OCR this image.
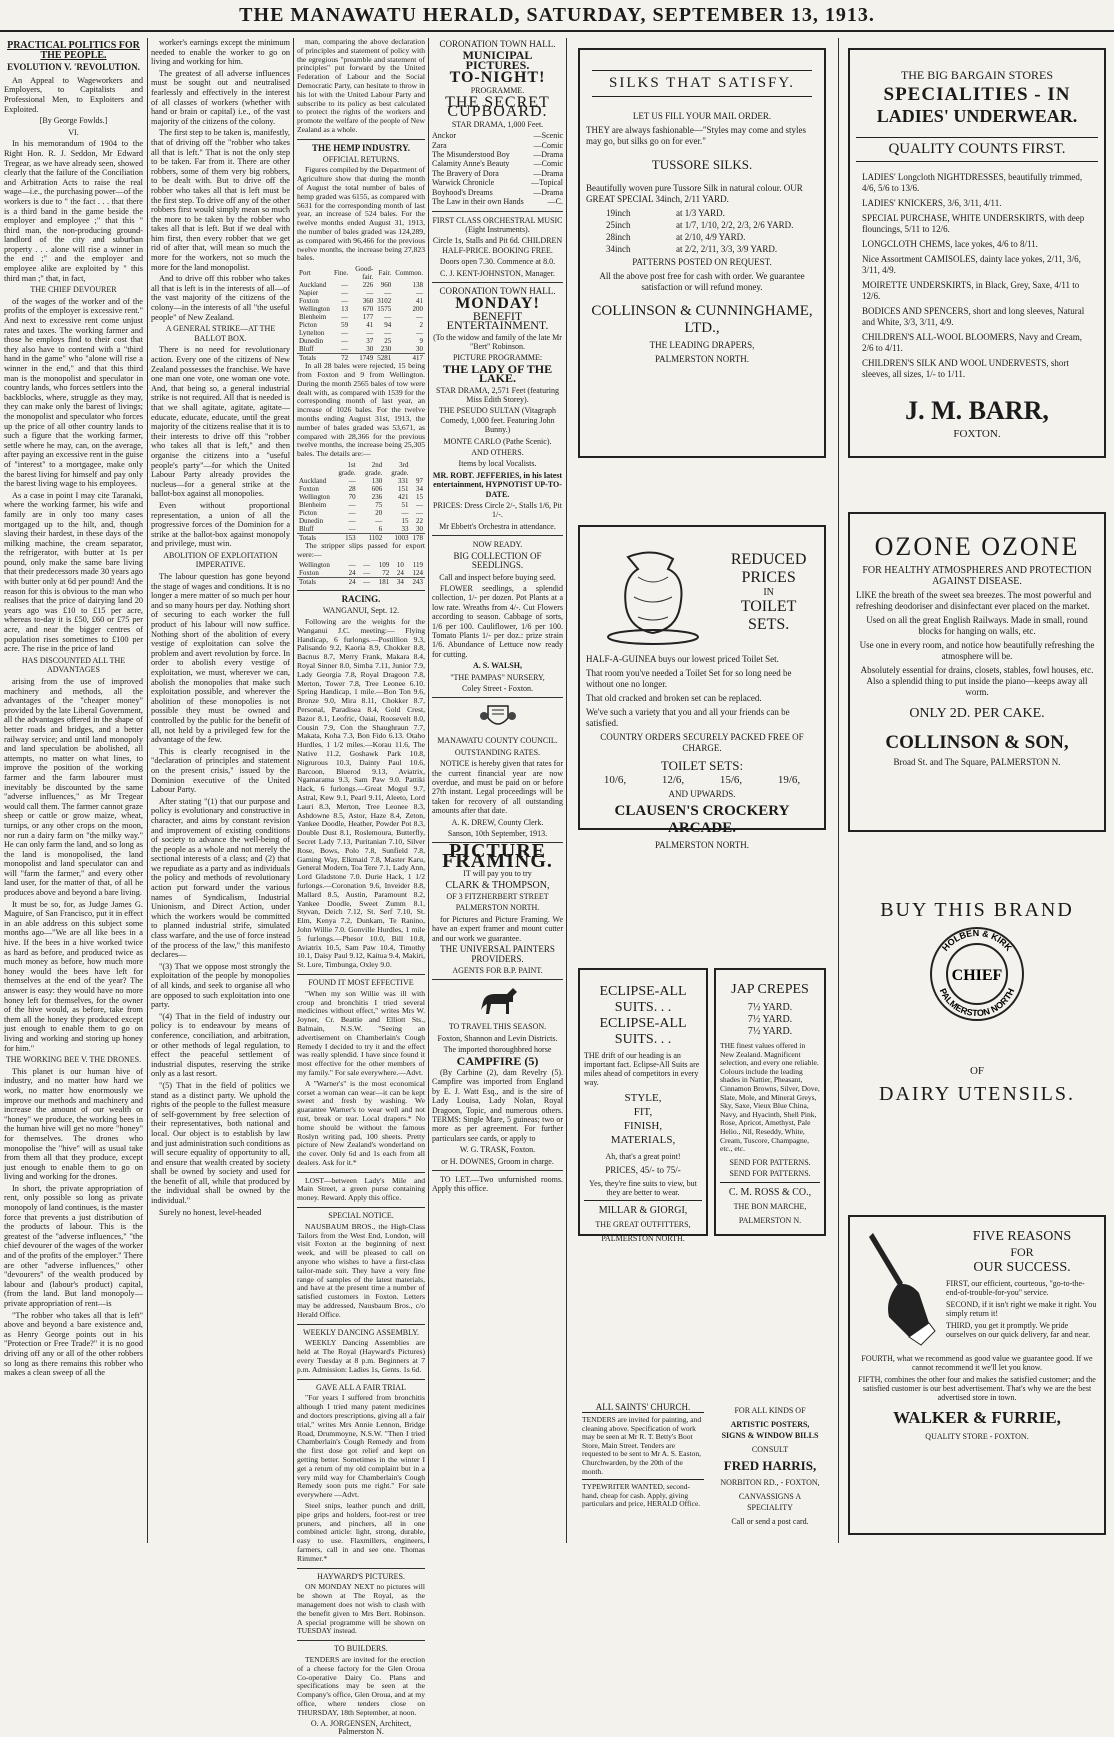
THE MANAWATU HERALD, SATURDAY, SEPTEMBER 13, 1913.
PRACTICAL POLITICS FOR THE PEOPLE.
EVOLUTION V. 'REVOLUTION.

An Appeal to Wageworkers and Employers, to Capitalists and Professional Men, to Exploiters and Exploited.

[By George Fowlds.]
VI.

In his memorandum of 1904 to the Right Hon. R. J. Seddon, Mr Edward Tregear, as we have already seen, showed clearly that the failure of the Conciliation and Arbitration Acts to raise the real wage—i.e., the purchasing power—of the workers is due to " the fact . . . that there is a third band in the game beside the employer and employee ;" that this " third man, the non-producing ground-landlord of the city and suburban property . . . alone will rise a winner in the end ;" and the employer and employee alike are exploited by " this third man ;" that, in fact,

THE CHIEF DEVOURER

of the wages of the worker and of the profits of the employer is excessive rent." And next to excessive rent come unjust rates and taxes. The working farmer and those he employs find to their cost that they also have to contend with a "third hand in the game" who "alone will rise a winner in the end," and that this third man is the monopolist and speculator in country lands, who forces settlers into the backblocks, where, struggle as they may, they can make only the barest of livings; the monopolist and speculator who forces up the price of all other country lands to such a figure that the working farmer, settle where he may, can, on the average, after paying an excessive rent in the guise of "interest" to a mortgagee, make only the barest living for himself and pay only the barest living wage to his employees.

As a case in point I may cite Taranaki, where the working farmer, his wife and family are in only too many cases mortgaged up to the hilt, and, though slaving their hardest, in these days of the milking machine, the cream separator, the refrigerator, with butter at 1s per pound, only make the same bare living that their predecessors made 30 years ago with butter only at 6d per pound! And the reason for this is obvious to the man who realises that the price of dairying land 20 years ago was £10 to £15 per acre, whereas to-day it is £50, £60 or £75 per acre, and near the bigger centres of population rises sometimes to £100 per acre. The rise in the price of land

HAS DISCOUNTED ALL THE ADVANTAGES

arising from the use of improved machinery and methods, all the advantages of the "cheaper money" provided by the late Liberal Government, all the advantages offered in the shape of better roads and bridges, and a better railway service; and until land monopoly and land speculation be abolished, all attempts, no matter on what lines, to improve the position of the working farmer and the farm labourer must inevitably be discounted by the same "adverse influences," as Mr Tregear would call them. The farmer cannot graze sheep or cattle or grow maize, wheat, turnips, or any other crops on the moon, nor run a dairy farm on "the milky way." He can only farm the land, and so long as the land is monopolised, the land monopolist and land speculator can and will "farm the farmer," and every other land user, for the matter of that, of all he produces above and beyond a bare living.

It must be so, for, as Judge James G. Maguire, of San Francisco, put it in effect in an able address on this subject some months ago—"We are all like bees in a hive. If the bees in a hive worked twice as hard as before, and produced twice as much money as before, how much more honey would the bees have left for themselves at the end of the year? The answer is easy: they would have no more honey left for themselves, for the owner of the hive would, as before, take from them all the honey they produced except just enough to enable them to go on living and working and storing up honey for him."

THE WORKING BEE V. THE DRONES.

This planet is our human hive of industry, and no matter how hard we work, no matter how enormously we improve our methods and machinery and increase the amount of our wealth or "honey" we produce, the working bees in the human hive will get no more "honey" for themselves. The drones who monopolise the "hive" will as usual take from them all that they produce, except just enough to enable them to go on living and working for the drones.

In short, the private appropriation of rent, only possible so long as private monopoly of land continues, is the master force that prevents a just distribution of the products of labour. This is the greatest of the "adverse influences," "the chief devourer of the wages of the worker and of the profits of the employer." There are other "adverse influences," other "devourers" of the wealth produced by labour and (labour's product) capital, (from the land. But land monopoly—private appropriation of rent—is

"The robber who takes all that is left" above and beyond a bare existence and, as Henry George points out in his "Protection or Free Trade?" it is no good driving off any or all of the other robbers so long as there remains this robber who makes a clean sweep of all the

worker's earnings except the minimum needed to enable the worker to go on living and working for him.

The greatest of all adverse influences must be sought out and neutralised fearlessly and effectively in the interest of all classes of workers (whether with hand or brain or capital) i.e., of the vast majority of the citizens of the colony.

The first step to be taken is, manifestly, that of driving off the "robber who takes all that is left." That is not the only step to be taken. Far from it. There are other robbers, some of them very big robbers, to be dealt with. But to drive off the robber who takes all that is left must be the first step. To drive off any of the other robbers first would simply mean so much the more to be taken by the robber who takes all that is left. But if we deal with him first, then every robber that we get rid of after that, will mean so much the more for the workers, not so much the more for the land monopolist.

And to drive off this robber who takes all that is left is in the interests of all—of the vast majority of the citizens of the colony—in the interests of all "the useful people" of New Zealand.

A GENERAL STRIKE—AT THE BALLOT BOX.

There is no need for revolutionary action. Every one of the citizens of New Zealand possesses the franchise. We have one man one vote, one woman one vote. And, that being so, a general industrial strike is not required. All that is needed is that we shall agitate, agitate, agitate—educate, educate, educate, until the great majority of the citizens realise that it is to their interests to drive off this "robber who takes all that is left," and then organise the citizens into a "useful people's party"—for which the United Labour Party already provides the nucleus—for a general strike at the ballot-box against all monopolies.

Even without proportional representation, a union of all the progressive forces of the Dominion for a strike at the ballot-box against monopoly and privilege, must win.

ABOLITION OF EXPLOITATION IMPERATIVE.

The labour question has gone beyond the stage of wages and conditions. It is no longer a mere matter of so much per hour and so many hours per day. Nothing short of securing to each worker the full product of his labour will now suffice. Nothing short of the abolition of every vestige of exploitation can solve the problem and avert revolution by force. In order to abolish every vestige of exploitation, we must, wherever we can, abolish the monopolies that make such exploitation possible, and wherever the abolition of these monopolies is not possible they must be owned and controlled by the public for the benefit of all, not held by a privileged few for the advantage of the few.

This is clearly recognised in the "declaration of principles and statement on the present crisis," issued by the Dominion executive of the United Labour Party.

After stating "(1) that our purpose and policy is evolutionary and constructive in character, and aims by constant revision and improvement of existing conditions of society to advance the well-being of the people as a whole and not merely the sectional interests of a class; and (2) that we repudiate as a party and as individuals the policy and methods of revolutionary action put forward under the various names of Syndicalism, Industrial Unionism, and Direct Action, under which the workers would be committed to planned industrial strife, simulated class warfare, and the use of force instead of the process of the law," this manifesto declares—

"(3) That we oppose most strongly the exploitation of the people by monopolies of all kinds, and seek to organise all who are opposed to such exploitation into one party.

"(4) That in the field of industry our policy is to endeavour by means of conference, conciliation, and arbitration, or other methods of legal regulation, to effect the peaceful settlement of industrial disputes, reserving the strike only as a last resort.

"(5) That in the field of politics we stand as a distinct party. We uphold the rights of the people to the fullest measure of self-government by free selection of their representatives, both national and local. Our object is to establish by law and just administration such conditions as will secure equality of opportunity to all, and ensure that wealth created by society shall be owned by society and used for the benefit of all, while that produced by the individual shall be owned by the individual."

Surely no honest, level-headed

man, comparing the above declaration of principles and statement of policy with the egregious "preamble and statement of principles" put forward by the United Federation of Labour and the Social Democratic Party, can hesitate to throw in his lot with the United Labour Party and subscribe to its policy as best calculated to protect the rights of the workers and promote the welfare of the people of New Zealand as a whole.

THE HEMP INDUSTRY.
OFFICIAL RETURNS.

Figures compiled by the Department of Agriculture show that during the month of August the total number of bales of hemp graded was 6155, as compared with 5631 for the corresponding month of last year, an increase of 524 bales. For the twelve months ended August 31, 1913, the number of bales graded was 124,289, as compared with 96,466 for the previous twelve months, the increase being 27,823 bales.

Port	Fine.	Good-fair.	Fair.	Common.
Auckland	—	226	960	138
Napier	—	—	—	—
Foxton	—	360	3102	41
Wellington	13	670	1575	200
Blenheim	—	177	—	—
Picton	59	41	94	2
Lyttelton	—	—	—	—
Dunedin	—	37	25	9
Bluff	—	30	230	30
Totals	72	1749	5281	417

In all 28 bales were rejected, 15 being from Foxton and 9 from Wellington. During the month 2565 bales of tow were dealt with, as compared with 1539 for the corresponding month of last year, an increase of 1026 bales. For the twelve months ending August 31st, 1913, the number of bales graded was 53,671, as compared with 28,366 for the previous twelve months, the increase being 25,305 bales. The details are:—

	1st grade.	2nd grade.	3rd grade.	
Auckland	—	130	331	97
Foxton	28	606	151	34
Wellington	70	236	421	15
Blenheim	—	75	51	—
Picton	—	20	—	—
Dunedin	—	—	15	22
Bluff	—	6	33	30
Totals	153	1102	1003	178

The stripper slips passed for export were:—

Wellington	—	—	109	10	119
Foxton	24	—	72	24	124
Totals	24	—	181	34	243
RACING.
WANGANUI, Sept. 12.

Following are the weights for the Wanganui J.C. meeting:— Flying Handicap, 6 furlongs.—Postillion 9.3, Palisando 9.2, Kaoria 8.9, Chokker 8.8, Bacnus 8.7, Merry Frank, Makara 8.4, Royal Sinner 8.0, Simba 7.11, Junior 7.9, Lady Georgia 7.8, Royal Dragoon 7.8, Merton, Tower 7.8, Tree Leonee 6.10. Spring Handicap, 1 mile.—Bon Ton 9.6, Bronze 9.0, Mira 8.11, Chokker 8.7, Personal, Paradisea 8.4, Gold Crest, Bazor 8.1, Leofric, Oaiai, Roosevelt 8.0, Cousin 7.9, Con the Shaughraun 7.7, Makata, Koha 7.3, Bon Fido 6.13. Otaho Hurdles, 1 1/2 miles.—Korau 11.6, The Native 11.2, Goshawk Park 10.8, Nigrurous 10.3, Dainty Paul 10.6, Barcoon, Bluerod 9.13, Aviatrix, Ngamarama 9.3, Sam Paw 9.0. Pattiki Hack, 6 furlongs.—Great Mogul 9.7, Astral, Kew 9.1, Pearl 9.11, Aleeto, Lord Lauri 8.3, Merton, Tree Leonee 8.3, Ashdowne 8.5, Astor, Haze 8.4, Zeton, Yankee Doodle, Heather, Powder Pot 8.3, Double Dust 8.1, Roslemoura, Butterfly, Secret Lady 7.13, Puritanian 7.10, Silver Rose, Bows, Polo 7.8, Sunfield 7.8, Gaming Way, Elkmaid 7.8, Master Karu, General Modern, Toa Tere 7.1, Lady Ann, Lord Gladstone 7.0. Durie Hack, 1 1/2 furlongs.—Coronation 9.6, Inveider 8.8, Mallard 8.5, Austin, Paramount 8.2, Yankee Doodle, Sweet Zumm 8.1, Styvan, Deich 7.12, St. Serf 7.10, St. Elm, Kenya 7.2, Dunkam, Te Ranino, John Willie 7.0. Gonville Hurdles, 1 mile 5 furlongs.—Phesor 10.0, Bill 10.8, Aviatrix 10.5, Sam Paw 10.4, Timothy 10.1, Daisy Paul 9.12, Kaitua 9.4, Makiri, St. Lure, Timbunga, Oxley 9.0.

FOUND IT MOST EFFECTIVE

"When my son Willie was ill with croup and bronchitis I tried several medicines without effect," writes Mrs W. Joyner, Cr. Beattie and Elliott Sts., Balmain, N.S.W. "Seeing an advertisement on Chamberlain's Cough Remedy I decided to try it and the effect was really splendid. I have since found it most effective for the other members of my family." For sale everywhere.—Advt.

A "Warner's" is the most economical corset a woman can wear—it can be kept sweet and fresh by washing. We guarantee Warner's to wear well and not rust, break or tear. Local drapers.* No home should be without the famous Roslyn writing pad, 100 sheets. Pretty picture of New Zealand's wonderland on the cover. Only 6d and 1s each from all dealers. Ask for it.*

LOST—between Lady's Mile and Main Street, a green purse containing money. Reward. Apply this office.

SPECIAL NOTICE.

NAUSBAUM BROS., the High-Class Tailors from the West End, London, will visit Foxton at the beginning of next week, and will be pleased to call on anyone who wishes to have a first-class tailor-made suit. They have a very fine range of samples of the latest materials, and have at the present time a number of satisfied customers in Foxton. Letters may be addressed, Nausbaum Bros., c/o Herald Office.

WEEKLY DANCING ASSEMBLY.

WEEKLY Dancing Assemblies are held at The Royal (Hayward's Pictures) every Tuesday at 8 p.m. Beginners at 7 p.m. Admission: Ladies 1s, Gents. 1s 6d.

GAVE ALL A FAIR TRIAL

"For years I suffered from bronchitis although I tried many patent medicines and doctors prescriptions, giving all a fair trial," writes Mrs Annie Lennon, Bridge Road, Drummoyne, N.S.W. "Then I tried Chamberlain's Cough Remedy and from the first dose got relief and kept on getting better. Sometimes in the winter I get a return of my old complaint but in a very mild way for Chamberlain's Cough Remedy soon puts me right." For sale everywhere —Advt.

Steel snips, leather punch and drill, pipe grips and holders, foot-rest or tree pruners, and pinchers, all in one combined article: light, strong, durable, easy to use. Flaxmillers, engineers, farmers, call in and see one. Thomas Rimmer.*

HAYWARD'S PICTURES.

ON MONDAY NEXT no pictures will be shown at The Royal, as the management does not wish to clash with the benefit given to Mrs Bert. Robinson. A special programme will be shown on TUESDAY instead.

TO BUILDERS.

TENDERS are invited for the erection of a cheese factory for the Glen Oroua Co-operative Dairy Co. Plans and specifications may be seen at the Company's office, Glen Oroua, and at my office, where tenders close on THURSDAY, 18th September, at noon.

O. A. JORGENSEN, Architect, Palmerston N.
CORONATION TOWN HALL.
MUNICIPAL PICTURES.
TO-NIGHT!
PROGRAMME.
THE SECRET CUPBOARD.
STAR DRAMA, 1,000 Feet.
Anckor	—Scenic
Zara	—Comic
The Misunderstood Boy	—Drama
Calamity Anne's Beauty	—Comic
The Bravery of Dora	—Drama
Warwick Chronicle	—Topical
Boyhood's Dreams	—Drama
The Law in their own Hands	—C.
FIRST CLASS ORCHESTRAL MUSIC (Eight Instruments).
Circle 1s, Stalls and Pit 6d. CHILDREN HALF-PRICE. BOOKING FREE.
Doors open 7.30. Commence at 8.0.
C. J. KENT-JOHNSTON, Manager.
CORONATION TOWN HALL.
MONDAY!
BENEFIT ENTERTAINMENT.
(To the widow and family of the late Mr "Bert" Robinson.
PICTURE PROGRAMME:
THE LADY OF THE LAKE.
STAR DRAMA, 2,571 Feet (featuring Miss Edith Storey).
THE PSEUDO SULTAN (Vitagraph Comedy, 1,000 feet. Featuring John Bunny.)
MONTE CARLO (Pathe Scenic).
AND OTHERS.
Items by local Vocalists.
MR. ROBT. JEFFERIES, in his latest entertainment, HYPNOTIST UP-TO-DATE.
PRICES: Dress Circle 2/-, Stalls 1/6, Pit 1/-.
Mr Ebbett's Orchestra in attendance.
NOW READY.
BIG COLLECTION OF SEEDLINGS.
Call and inspect before buying seed.

FLOWER seedlings, a splendid collection, 1/- per dozen. Pot Plants at a low rate. Wreaths from 4/-. Cut Flowers according to season. Cabbage of sorts, 1/6 per 100. Cauliflower, 1/6 per 100. Tomato Plants 1/- per doz.: prize strain 1/6. Abundance of Lettuce now ready for cutting.

A. S. WALSH,
"THE PAMPAS" NURSERY,
Coley Street - Foxton.
MANAWATU COUNTY COUNCIL.
OUTSTANDING RATES.

NOTICE is hereby given that rates for the current financial year are now overdue, and must be paid on or before 27th instant. Legal proceedings will be taken for recovery of all outstanding amounts after that date.

A. K. DREW, County Clerk.
Sanson, 10th September, 1913.
PICTURE FRAMING.
IT will pay you to try
CLARK & THOMPSON,
OF 3 FITZHERBERT STREET
PALMERSTON NORTH.

for Pictures and Picture Framing. We have an expert framer and mount cutter and our work we guarantee.

THE UNIVERSAL PAINTERS PROVIDERS.
AGENTS FOR B.P. PAINT.
TO TRAVEL THIS SEASON.
Foxton, Shannon and Levin Districts.
The imported thoroughbred horse
CAMPFIRE (5)

(By Carbine (2), dam Revelry (5). Campfire was imported from England by E. J. Watt Esq., and is the sire of Lady Louisa, Lady Nolan, Royal Dragoon, Topic, and numerous others. TERMS: Single Mare, 5 guineas; two or more as per agreement. For further particulars see cards, or apply to

W. G. TRASK, Foxton.
or H. DOWNES, Groom in charge.

TO LET.—Two unfurnished rooms. Apply this office.

SILKS THAT SATISFY.

LET US FILL YOUR MAIL ORDER.

THEY are always fashionable—"Styles may come and styles may go, but silks go on for ever."

TUSSORE SILKS.

Beautifully woven pure Tussore Silk in natural colour. OUR GREAT SPECIAL 34inch, 2/11 YARD.

19inch	at 1/3 YARD.
25inch	at 1/7, 1/10, 2/2, 2/3, 2/6 YARD.
28inch	at 2/10, 4/9 YARD.
34inch	at 2/2, 2/11, 3/3, 3/9 YARD.

PATTERNS POSTED ON REQUEST.

All the above post free for cash with order. We guarantee satisfaction or will refund money.

COLLINSON & CUNNINGHAME, LTD.,

THE LEADING DRAPERS,

PALMERSTON NORTH.

THE BIG BARGAIN STORES

SPECIALITIES - IN
LADIES' UNDERWEAR.
QUALITY COUNTS FIRST.

LADIES' Longcloth NIGHTDRESSES, beautifully trimmed, 4/6, 5/6 to 13/6.

LADIES' KNICKERS, 3/6, 3/11, 4/11.

SPECIAL PURCHASE, WHITE UNDERSKIRTS, with deep flouncings, 5/11 to 12/6.

LONGCLOTH CHEMS, lace yokes, 4/6 to 8/11.

Nice Assortment CAMISOLES, dainty lace yokes, 2/11, 3/6, 3/11, 4/9.

MOIRETTE UNDERSKIRTS, in Black, Grey, Saxe, 4/11 to 12/6.

BODICES AND SPENCERS, short and long sleeves, Natural and White, 3/3, 3/11, 4/9.

CHILDREN'S ALL-WOOL BLOOMERS, Navy and Cream, 2/6 to 4/11.

CHILDREN'S SILK AND WOOL UNDERVESTS, short sleeves, all sizes, 1/- to 1/11.

J. M. BARR,

FOXTON.

REDUCED
PRICES
IN
TOILET
SETS.

HALF-A-GUINEA buys our lowest priced Toilet Set.

That room you've needed a Toilet Set for so long need be without one no longer.

That old cracked and broken set can be replaced.

We've such a variety that you and all your friends can be satisfied.

COUNTRY ORDERS SECURELY PACKED FREE OF CHARGE.

TOILET SETS:
10/6,	12/6,	15/6,	19/6,

AND UPWARDS.

CLAUSEN'S CROCKERY ARCADE.

PALMERSTON NORTH.

OZONE OZONE

FOR HEALTHY ATMOSPHERES AND PROTECTION AGAINST DISEASE.

LIKE the breath of the sweet sea breezes. The most powerful and refreshing deodoriser and disinfectant ever placed on the market.

Used on all the great English Railways. Made in small, round blocks for hanging on walls, etc.

Use one in every room, and notice how beautifully refreshing the atmosphere will be.

Absolutely essential for drains, closets, stables, fowl houses, etc. Also a splendid thing to put inside the piano—keeps away all worm.

ONLY 2D. PER CAKE.
COLLINSON & SON,

Broad St. and The Square, PALMERSTON N.

BUY THIS BRAND
HOLBEN & KIRK
PALMERSTON NORTH
CHIEF
OF
DAIRY UTENSILS.
ECLIPSE-ALL SUITS. . .
ECLIPSE-ALL SUITS. . .

THE drift of our heading is an important fact. Eclipse-All Suits are miles ahead of competitors in every way.

STYLE,
FIT,
FINISH,
MATERIALS,

Ah, that's a great point!

PRICES, 45/- to 75/-

Yes, they're fine suits to view, but they are better to wear.

MILLAR & GIORGI,

THE GREAT OUTFITTERS,

PALMERSTON NORTH.

JAP CREPES
7½ YARD.
7½ YARD.
7½ YARD.

THE finest values offered in New Zealand. Magnificent selection, and every one reliable. Colours include the leading shades in Nattier, Pheasant, Cinnamon Browns, Silver, Dove, Slate, Mole, and Mineral Greys, Sky, Saxe, Vieux Blue China, Navy, and Hyacinth, Shell Pink, Rose, Apricot, Amethyst, Pale Helio., Nil, Reseddy, White, Cream, Tuscore, Champagne, etc., etc.

SEND FOR PATTERNS. SEND FOR PATTERNS.

C. M. ROSS & CO.,

THE BON MARCHE,

PALMERSTON N.

ALL SAINTS' CHURCH.

TENDERS are invited for painting, and cleaning above. Specification of work may be seen at Mr R. T. Betty's Boot Store, Main Street. Tenders are requested to be sent to Mr A. S. Easton, Churchwarden, by the 20th of the month.

TYPEWRITER WANTED, second-hand, cheap for cash. Apply, giving particulars and price, HERALD Office.

FOR ALL KINDS OF

ARTISTIC POSTERS, SIGNS & WINDOW BILLS

CONSULT

FRED HARRIS,

NORBITON RD., - FOXTON,

CANVASSIGNS A SPECIALITY

Call or send a post card.

FIVE REASONS
FOR
OUR SUCCESS.

FIRST, our efficient, courteous, "go-to-the-end-of-trouble-for-you" service.

SECOND, if it isn't right we make it right. You simply return it!

THIRD, you get it promptly. We pride ourselves on our quick delivery, far and near.

FOURTH, what we recommend as good value we guarantee good. If we cannot recommend it we'll let you know.

FIFTH, combines the other four and makes the satisfied customer; and the satisfied customer is our best advertisement. That's why we are the best advertised store in town.

WALKER & FURRIE,

QUALITY STORE - FOXTON.
